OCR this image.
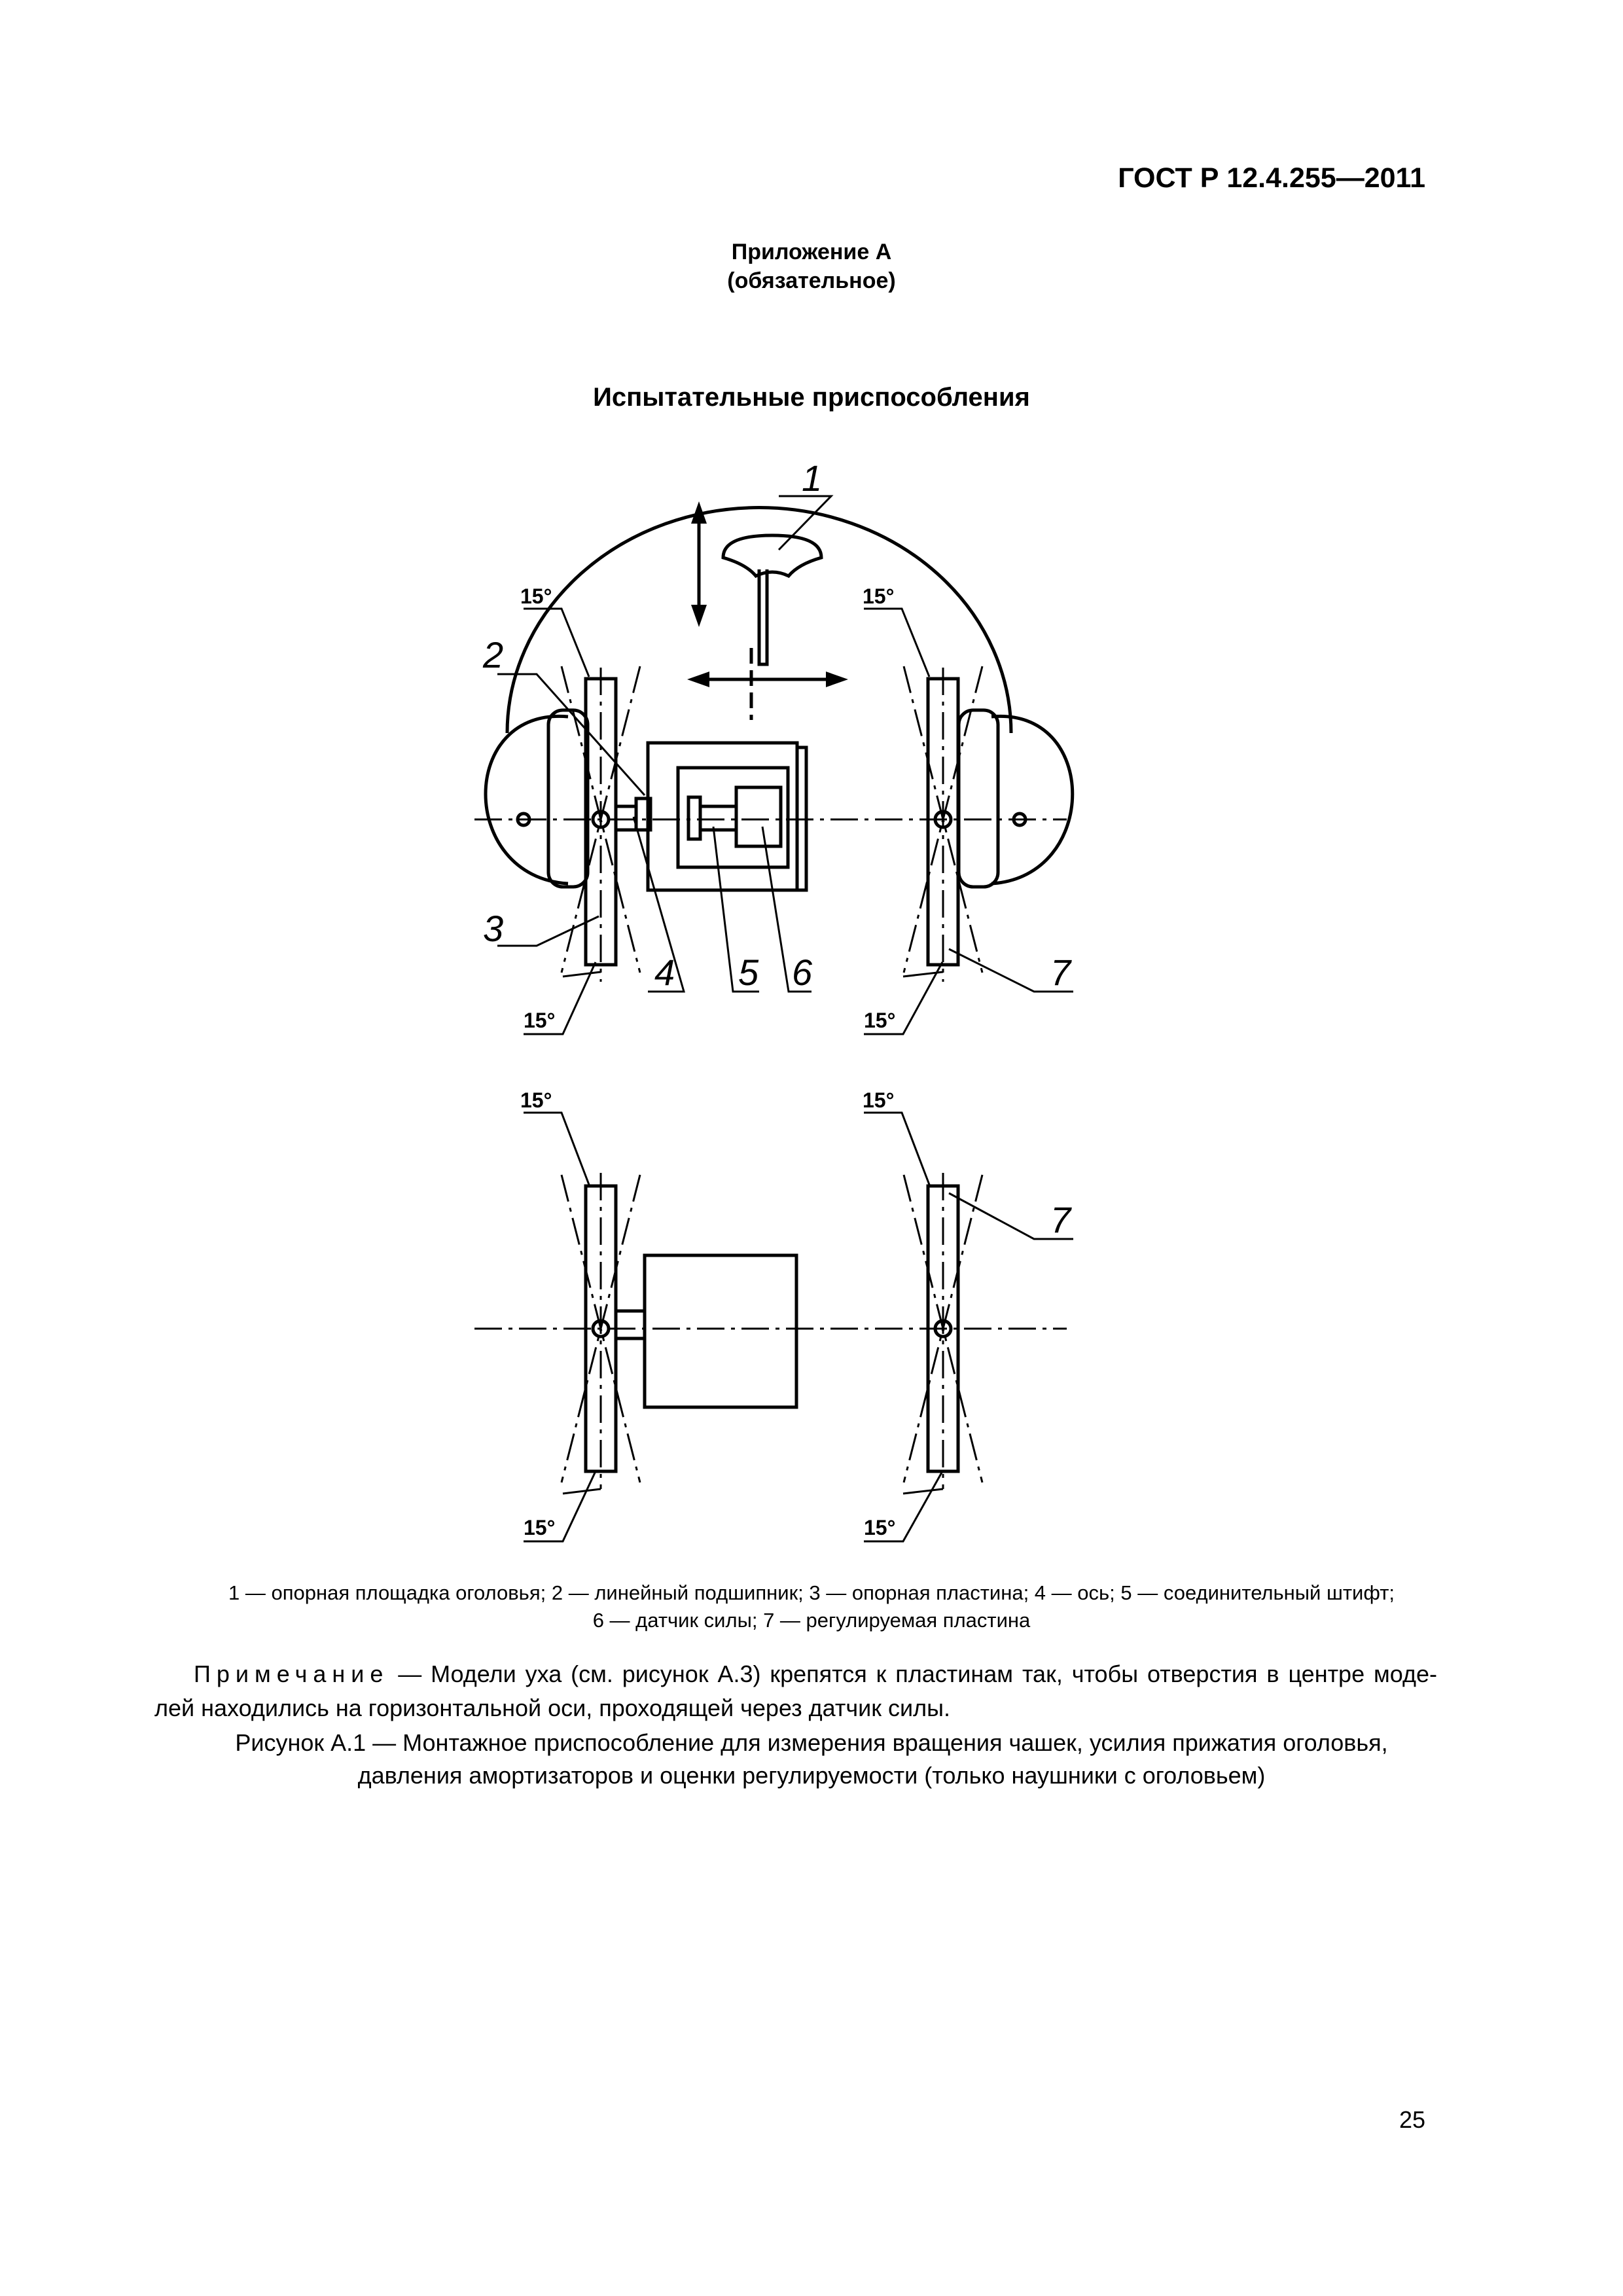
ГОСТ Р 12.4.255—2011
Приложение А
(обязательное)
Испытательные приспособления
1
2
3
4 5 6	7
7
15°	15°
15°	15°
15°	15°
15°	15°
1 — опорная площадка оголовья; 2 — линейный подшипник; 3 — опорная пластина; 4 — ось; 5 — соединительный штифт;
6 — датчик силы; 7 — регулируемая пластина
Примечание — Модели уха (см. рисунок А.3) крепятся к пластинам так, чтобы отверстия в центре моде-лей находились на горизонтальной оси, проходящей через датчик силы.
Рисунок А.1 — Монтажное приспособление для измерения вращения чашек, усилия прижатия оголовья,
давления амортизаторов и оценки регулируемости (только наушники с оголовьем)
25
